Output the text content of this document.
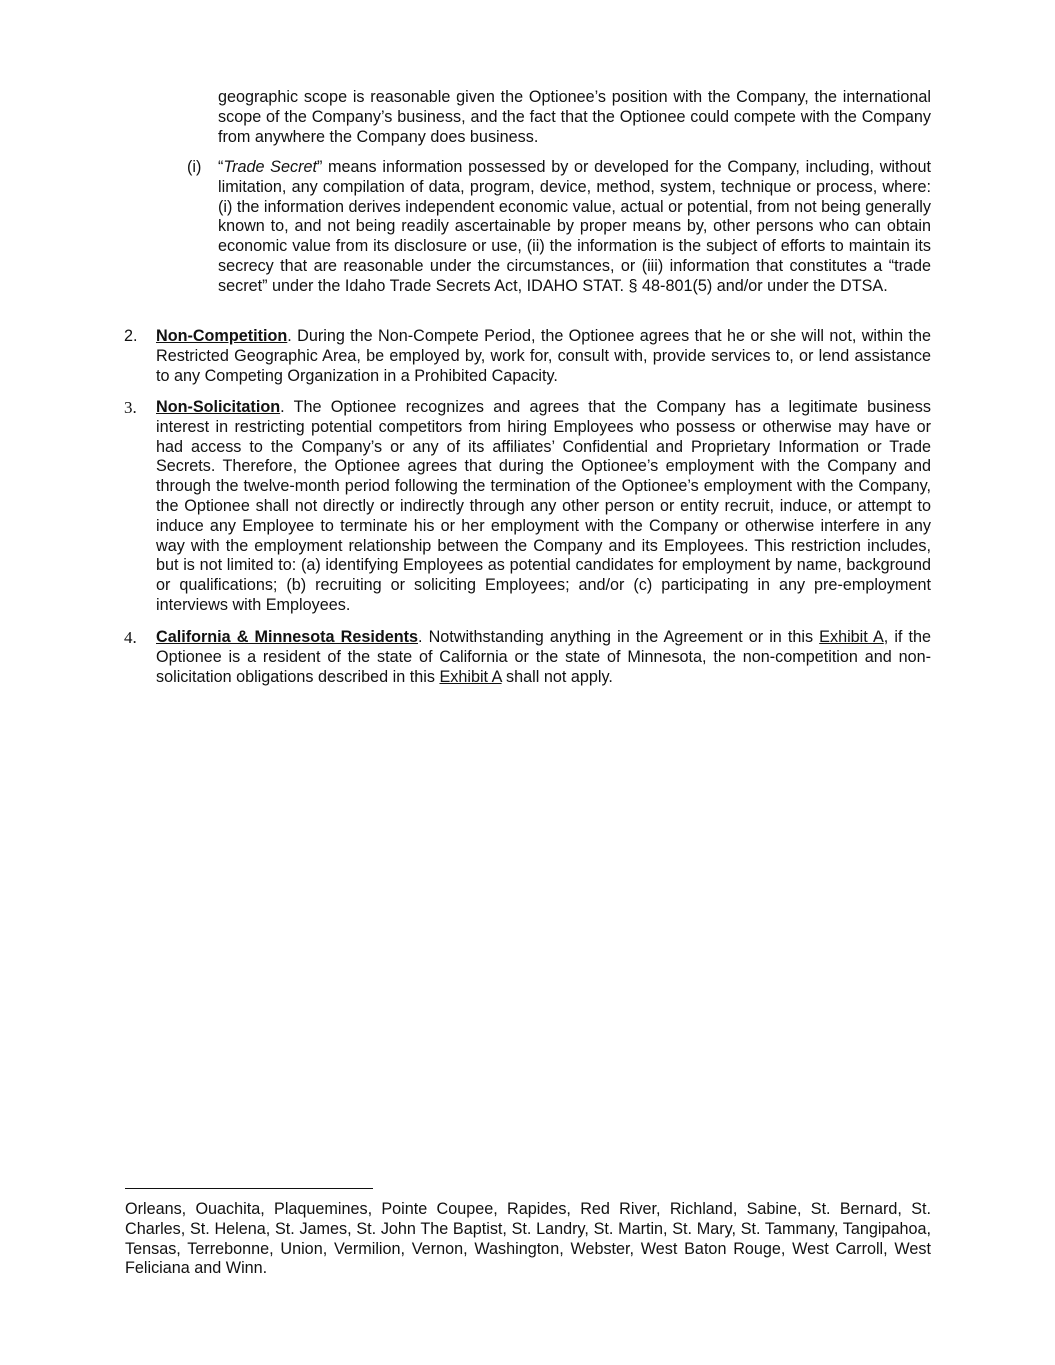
geographic scope is reasonable given the Optionee’s position with the Company, the international scope of the Company’s business, and the fact that the Optionee could compete with the Company from anywhere the Company does business.

(i) “Trade Secret” means information possessed by or developed for the Company, including, without limitation, any compilation of data, program, device, method, system, technique or process, where: (i) the information derives independent economic value, actual or potential, from not being generally known to, and not being readily ascertainable by proper means by, other persons who can obtain economic value from its disclosure or use, (ii) the information is the subject of efforts to maintain its secrecy that are reasonable under the circumstances, or (iii) information that constitutes a “trade secret” under the Idaho Trade Secrets Act, IDAHO STAT. § 48-801(5) and/or under the DTSA.

2. Non-Competition. During the Non-Compete Period, the Optionee agrees that he or she will not, within the Restricted Geographic Area, be employed by, work for, consult with, provide services to, or lend assistance to any Competing Organization in a Prohibited Capacity.

3. Non-Solicitation. The Optionee recognizes and agrees that the Company has a legitimate business interest in restricting potential competitors from hiring Employees who possess or otherwise may have or had access to the Company’s or any of its affiliates’ Confidential and Proprietary Information or Trade Secrets. Therefore, the Optionee agrees that during the Optionee’s employment with the Company and through the twelve-month period following the termination of the Optionee’s employment with the Company, the Optionee shall not directly or indirectly through any other person or entity recruit, induce, or attempt to induce any Employee to terminate his or her employment with the Company or otherwise interfere in any way with the employment relationship between the Company and its Employees. This restriction includes, but is not limited to: (a) identifying Employees as potential candidates for employment by name, background or qualifications; (b) recruiting or soliciting Employees; and/or (c) participating in any pre-employment interviews with Employees.

4. California & Minnesota Residents. Notwithstanding anything in the Agreement or in this Exhibit A, if the Optionee is a resident of the state of California or the state of Minnesota, the non-competition and non-solicitation obligations described in this Exhibit A shall not apply.

Orleans, Ouachita, Plaquemines, Pointe Coupee, Rapides, Red River, Richland, Sabine, St. Bernard, St. Charles, St. Helena, St. James, St. John The Baptist, St. Landry, St. Martin, St. Mary, St. Tammany, Tangipahoa, Tensas, Terrebonne, Union, Vermilion, Vernon, Washington, Webster, West Baton Rouge, West Carroll, West Feliciana and Winn.
